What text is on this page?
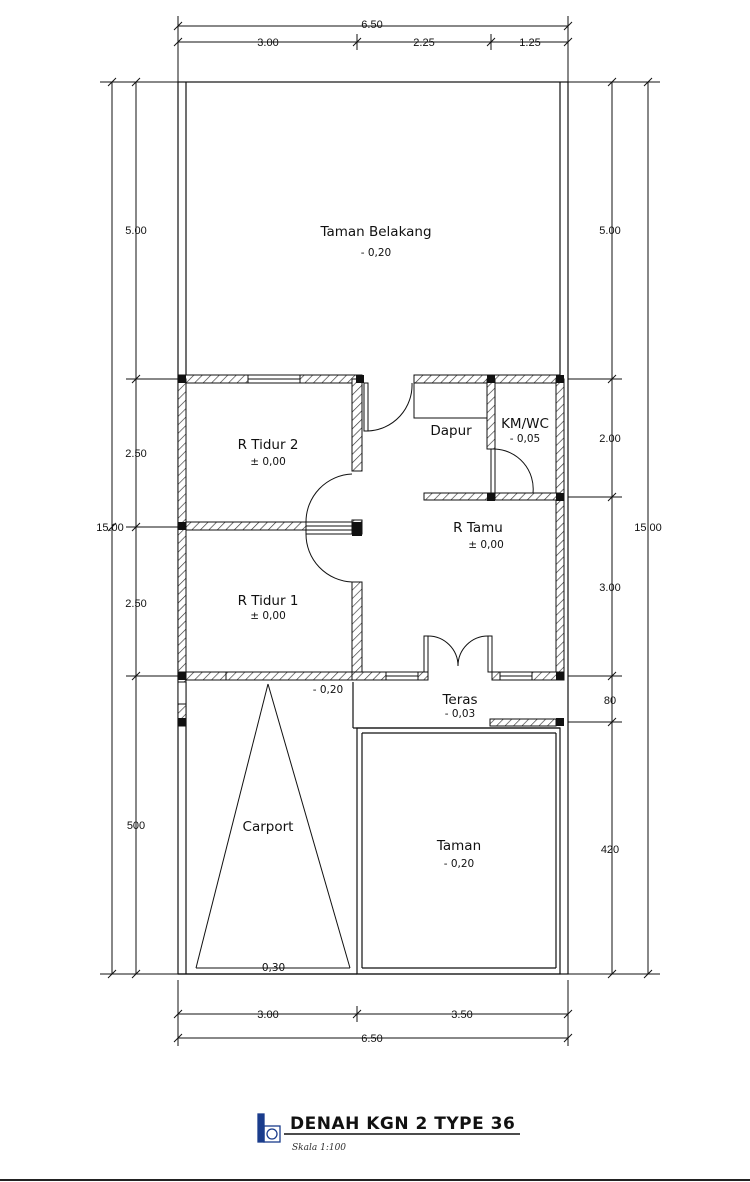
6.50
3.00	2.25	1.25
15.00
5.00
2.50
2.50
500
5.00
2.00
3.00
80
420
15.00
3.00	3.50
6.50
Taman Belakang
- 0,20
R Tidur 2
± 0,00
Dapur KM/WC
- 0,05
R Tamu
± 0,00
R Tidur 1
± 0,00
Teras
- 0,03
- 0,20
Carport
- 0,30
Taman
- 0,20
DENAH KGN 2 TYPE 36
Skala 1:100
